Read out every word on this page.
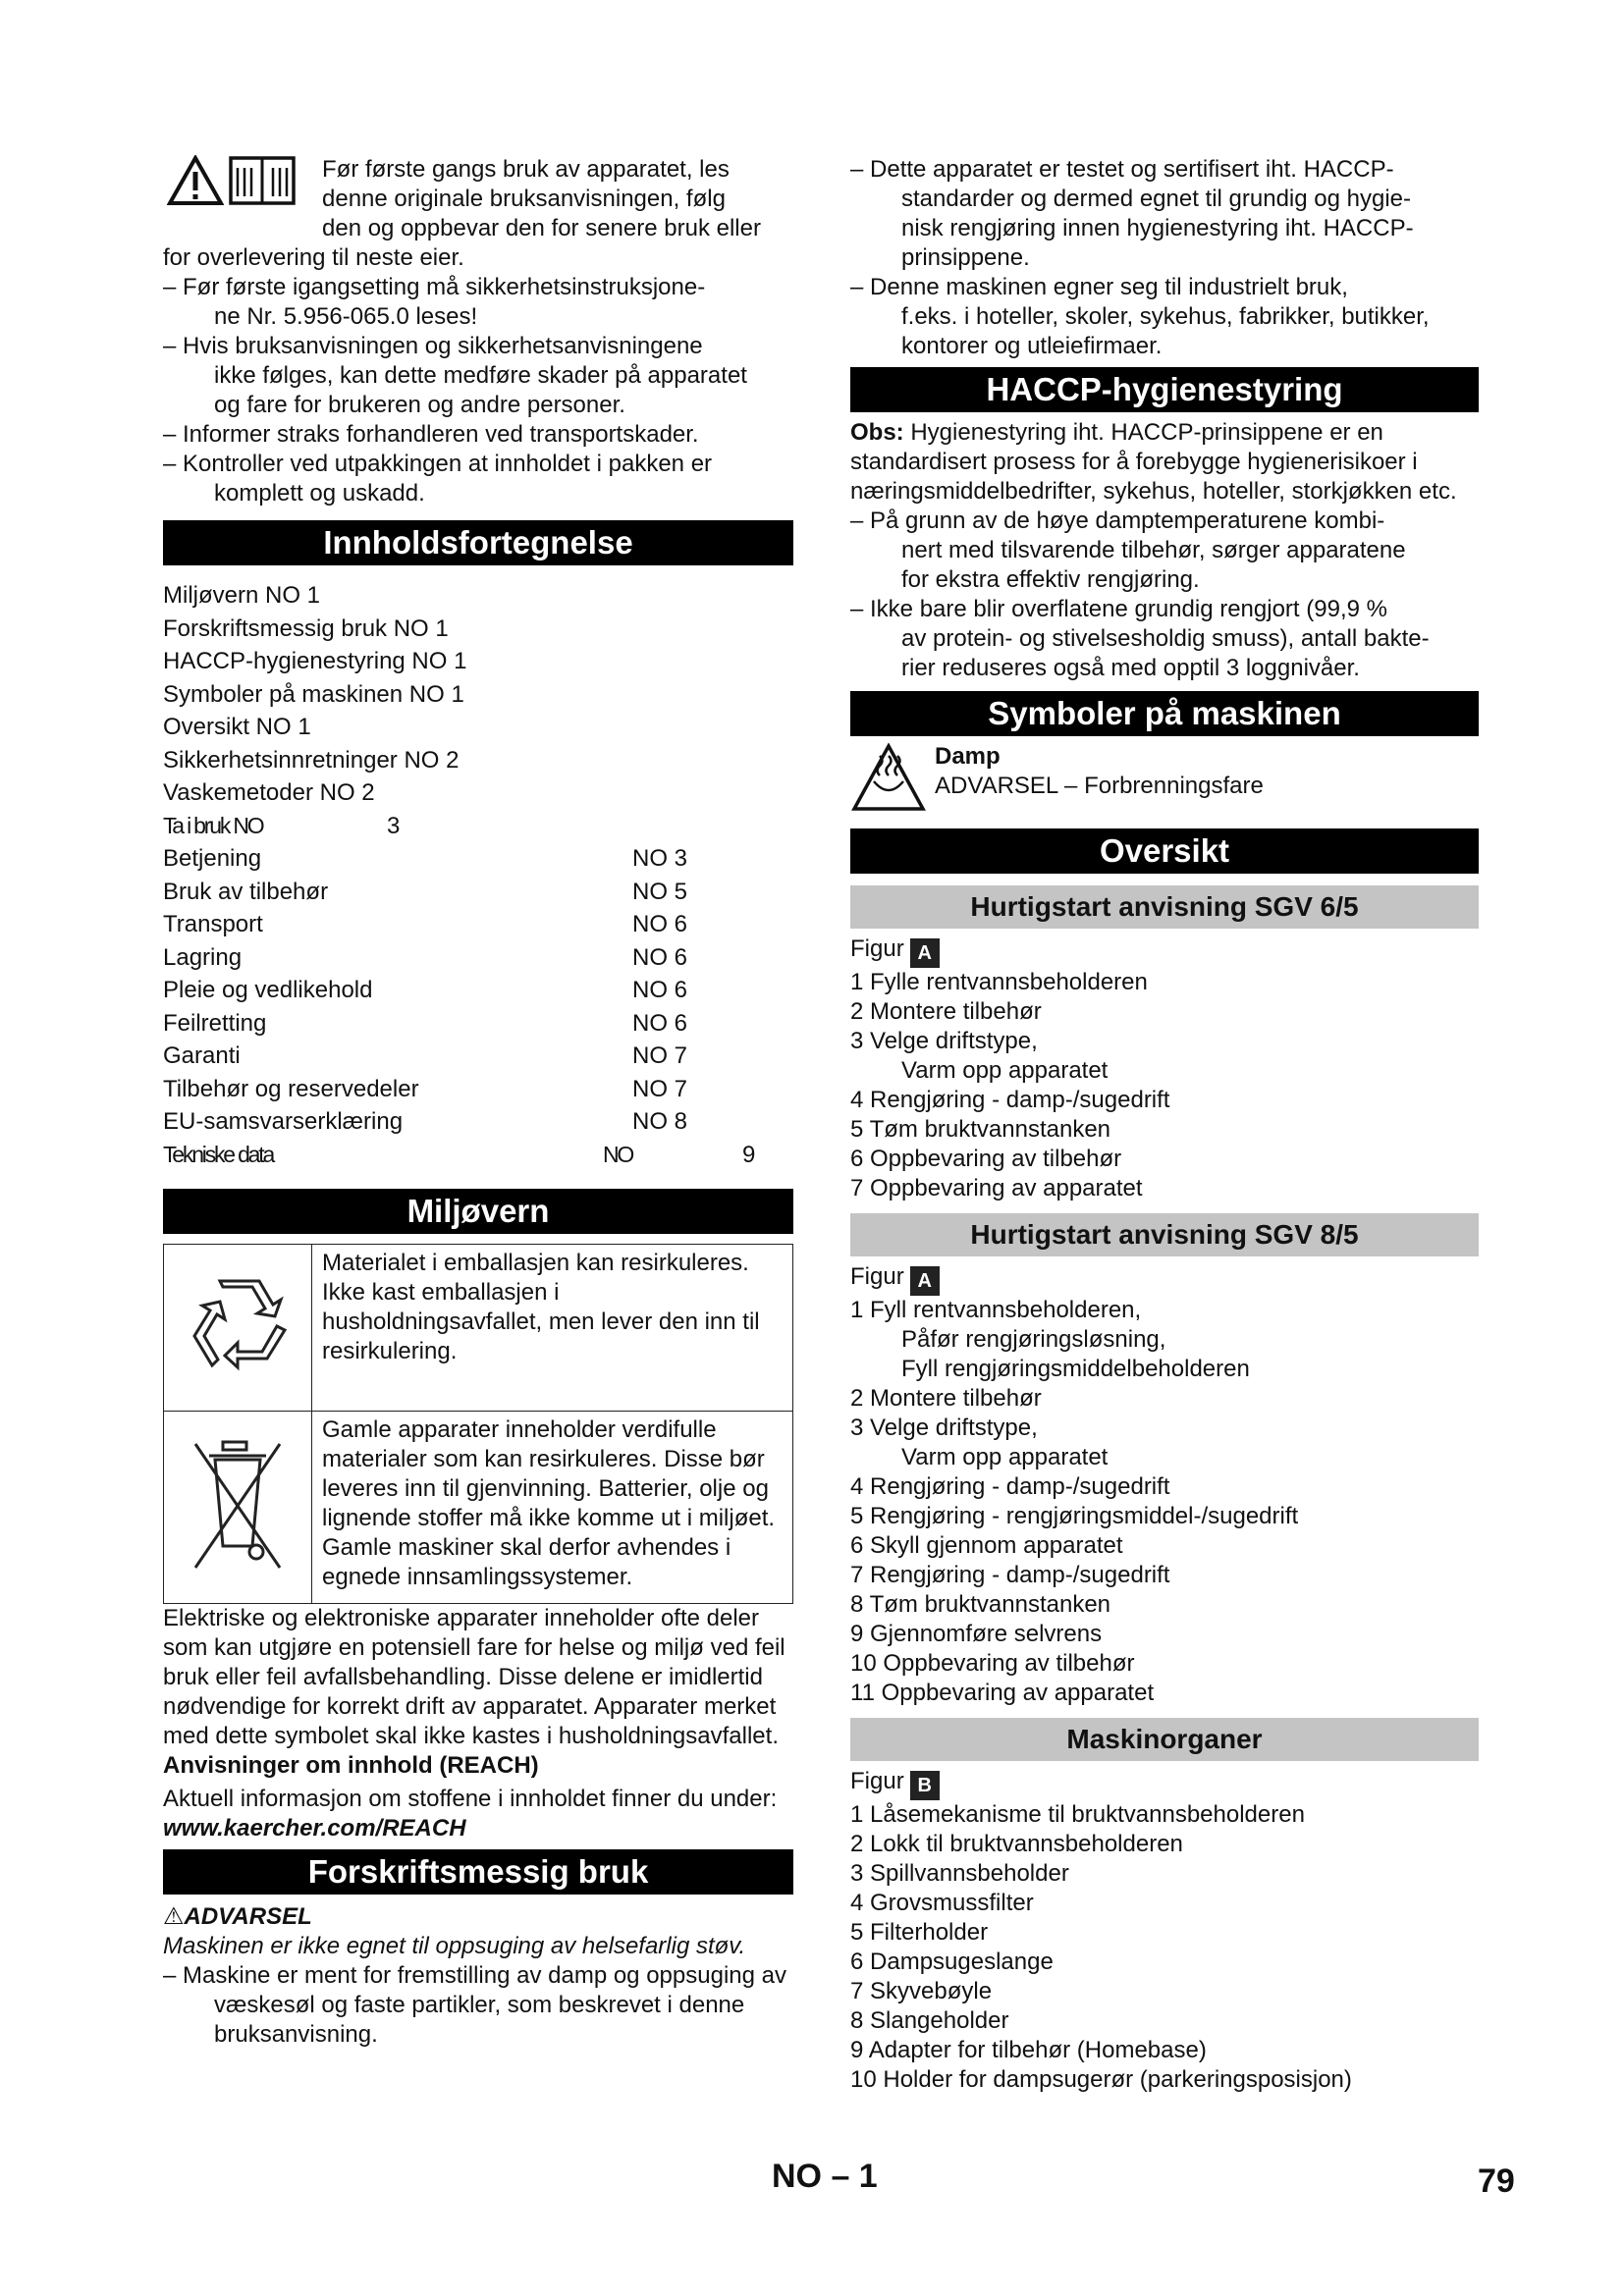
Før første gangs bruk av apparatet, les

denne originale bruksanvisningen, følg

den og oppbevar den for senere bruk eller

for overlevering til neste eier.

– Før første igangsetting må sikkerhetsinstruksjone-

ne Nr. 5.956-065.0 leses!

– Hvis bruksanvisningen og sikkerhetsanvisningene

ikke følges, kan dette medføre skader på apparatet

og fare for brukeren og andre personer.

– Informer straks forhandleren ved transportskader.

– Kontroller ved utpakkingen at innholdet i pakken er

komplett og uskadd.

Innholdsfortegnelse
Miljøvern NO 1
Forskriftsmessig bruk NO 1
HACCP-hygienestyring NO 1
Symboler på maskinen NO 1
Oversikt NO 1
Sikkerhetsinnretninger NO 2
Vaskemetoder NO 2
Ta i bruk NO	3
Betjening	NO 3
Bruk av tilbehør	NO 5
Transport	NO 6
Lagring	NO 6
Pleie og vedlikehold	NO 6
Feilretting	NO 6
Garanti	NO 7
Tilbehør og reservedeler	NO 7
EU-samsvarserklæring	NO 8
Tekniske data	NO	9
Miljøvern
	Materialet i emballasjen kan resirkuleres. Ikke kast emballasjen i husholdningsavfallet, men lever den inn til resirkulering.
	Gamle apparater inneholder verdifulle materialer som kan resirkuleres. Disse bør leveres inn til gjenvinning. Batterier, olje og lignende stoffer må ikke komme ut i miljøet. Gamle maskiner skal derfor avhendes i egnede innsamlingssystemer.

Elektriske og elektroniske apparater inneholder ofte deler som kan utgjøre en potensiell fare for helse og miljø ved feil bruk eller feil avfallsbehandling. Disse delene er imidlertid nødvendige for korrekt drift av apparatet. Apparater merket med dette symbolet skal ikke kastes i husholdningsavfallet.

Anvisninger om innhold (REACH)

Aktuell informasjon om stoffene i innholdet finner du under:

www.kaercher.com/REACH

Forskriftsmessig bruk

⚠ADVARSEL

Maskinen er ikke egnet til oppsuging av helsefarlig støv.

– Maskine er ment for fremstilling av damp og oppsuging av væskesøl og faste partikler, som beskrevet i denne bruksanvisning.

– Dette apparatet er testet og sertifisert iht. HACCP-

standarder og dermed egnet til grundig og hygie-

nisk rengjøring innen hygienestyring iht. HACCP-

prinsippene.

– Denne maskinen egner seg til industrielt bruk,

f.eks. i hoteller, skoler, sykehus, fabrikker, butikker,

kontorer og utleiefirmaer.

HACCP-hygienestyring

Obs: Hygienestyring iht. HACCP-prinsippene er en standardisert prosess for å forebygge hygienerisikoer i næringsmiddelbedrifter, sykehus, hoteller, storkjøkken etc.

– På grunn av de høye damptemperaturene kombi-

nert med tilsvarende tilbehør, sørger apparatene

for ekstra effektiv rengjøring.

– Ikke bare blir overflatene grundig rengjort (99,9 %

av protein- og stivelsesholdig smuss), antall bakte-

rier reduseres også med opptil 3 loggnivåer.

Symboler på maskinen

Damp

ADVARSEL – Forbrenningsfare

Oversikt
Hurtigstart anvisning SGV 6/5

Figur A

1 Fylle rentvannsbeholderen

2 Montere tilbehør

3 Velge driftstype,

Varm opp apparatet

4 Rengjøring - damp-/sugedrift

5 Tøm bruktvannstanken

6 Oppbevaring av tilbehør

7 Oppbevaring av apparatet

Hurtigstart anvisning SGV 8/5

Figur A

1 Fyll rentvannsbeholderen,

Påfør rengjøringsløsning,

Fyll rengjøringsmiddelbeholderen

2 Montere tilbehør

3 Velge driftstype,

Varm opp apparatet

4 Rengjøring - damp-/sugedrift

5 Rengjøring - rengjøringsmiddel-/sugedrift

6 Skyll gjennom apparatet

7 Rengjøring - damp-/sugedrift

8 Tøm bruktvannstanken

9 Gjennomføre selvrens

10 Oppbevaring av tilbehør

11 Oppbevaring av apparatet

Maskinorganer

Figur B

1 Låsemekanisme til bruktvannsbeholderen

2 Lokk til bruktvannsbeholderen

3 Spillvannsbeholder

4 Grovsmussfilter

5 Filterholder

6 Dampsugeslange

7 Skyvebøyle

8 Slangeholder

9 Adapter for tilbehør (Homebase)

10 Holder for dampsugerør (parkeringsposisjon)

NO – 1	79
